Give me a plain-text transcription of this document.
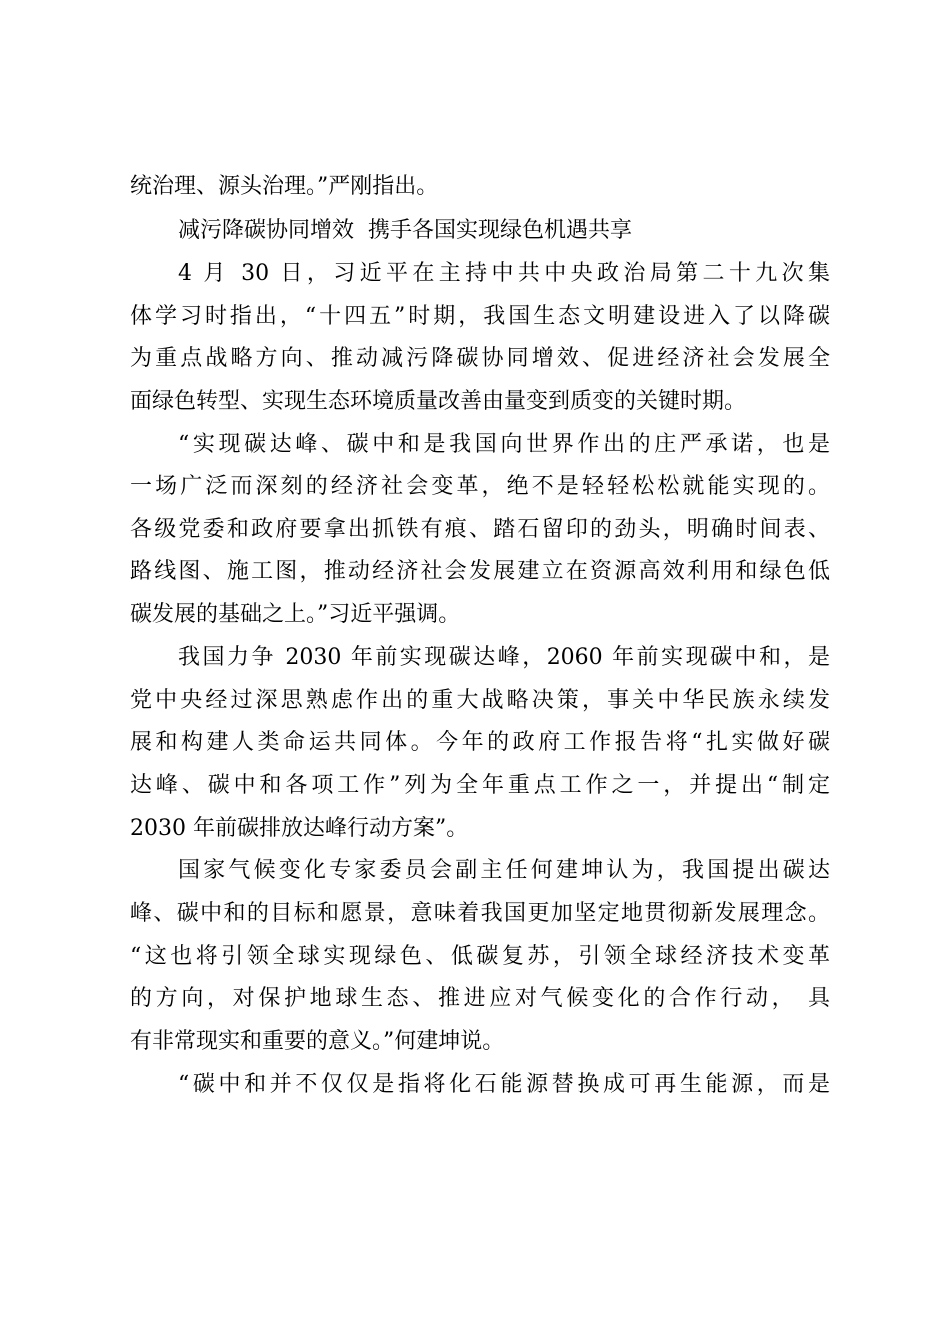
统治理、源头治理。”严刚指出。
减污降碳协同增效  携手各国实现绿色机遇共享
4 月 30 日，习近平在主持中共中央政治局第二十九次集
体学习时指出，“十四五”时期，我国生态文明建设进入了以降碳
为重点战略方向、推动减污降碳协同增效、促进经济社会发展全
面绿色转型、实现生态环境质量改善由量变到质变的关键时期。
“实现碳达峰、碳中和是我国向世界作出的庄严承诺，也是
一场广泛而深刻的经济社会变革，绝不是轻轻松松就能实现的。
各级党委和政府要拿出抓铁有痕、踏石留印的劲头，明确时间表、
路线图、施工图，推动经济社会发展建立在资源高效利用和绿色低
碳发展的基础之上。”习近平强调。
我国力争 2030 年前实现碳达峰，2060 年前实现碳中和，是
党中央经过深思熟虑作出的重大战略决策，事关中华民族永续发
展和构建人类命运共同体。今年的政府工作报告将“扎实做好碳
达峰、碳中和各项工作”列为全年重点工作之一，并提出“制定
2030 年前碳排放达峰行动方案”。
国家气候变化专家委员会副主任何建坤认为，我国提出碳达
峰、碳中和的目标和愿景，意味着我国更加坚定地贯彻新发展理念。
“这也将引领全球实现绿色、低碳复苏，引领全球经济技术变革
的方向，对保护地球生态、推进应对气候变化的合作行动， 具
有非常现实和重要的意义。”何建坤说。
“碳中和并不仅仅是指将化石能源替换成可再生能源，而是
